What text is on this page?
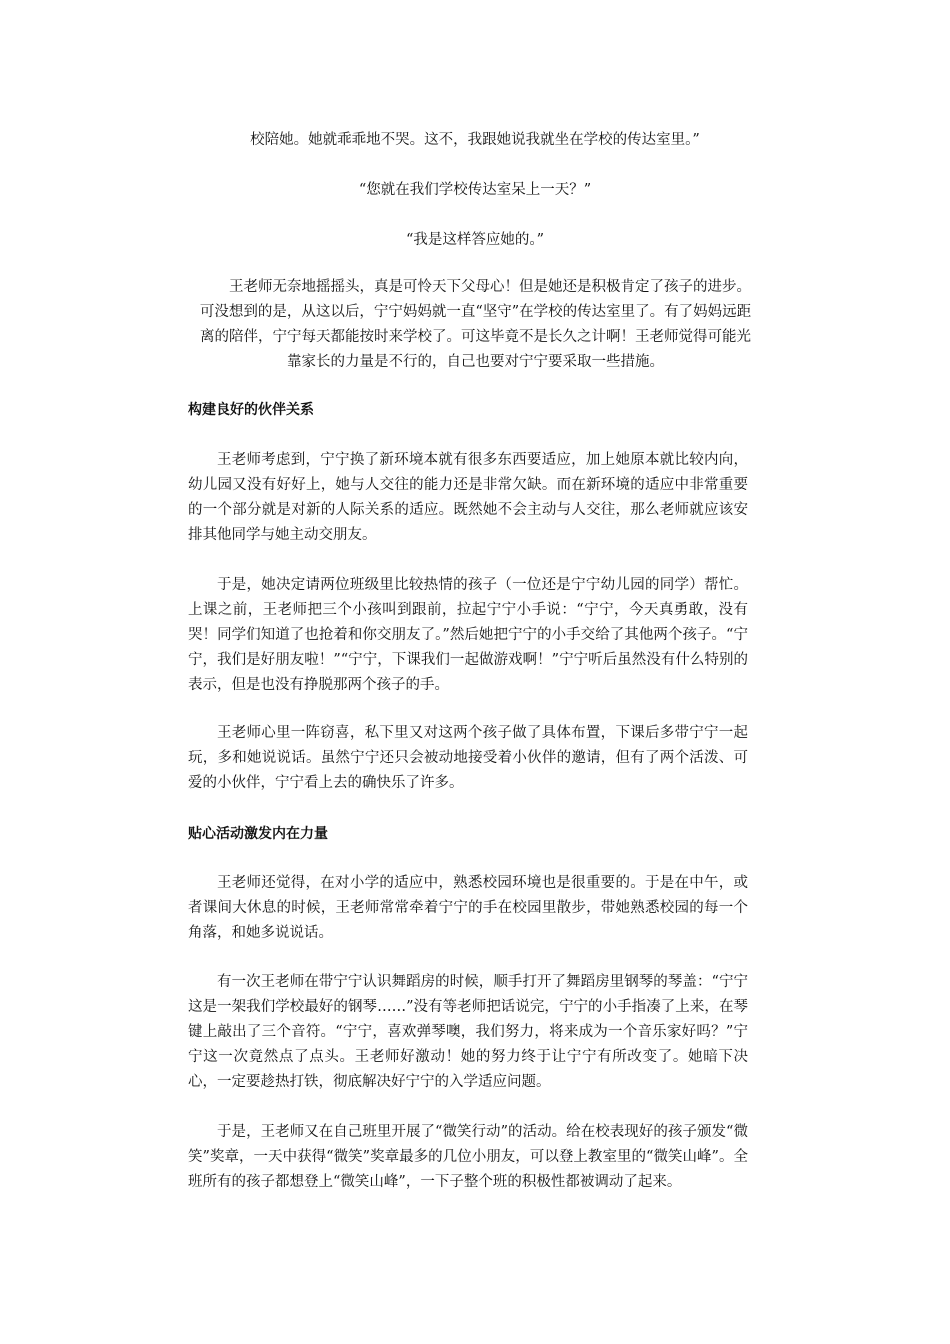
校陪她。她就乖乖地不哭。这不，我跟她说我就坐在学校的传达室里。”

“您就在我们学校传达室呆上一天？”

“我是这样答应她的。”

王老师无奈地摇摇头，真是可怜天下父母心！但是她还是积极肯定了孩子的进步。可没想到的是，从这以后，宁宁妈妈就一直“坚守”在学校的传达室里了。有了妈妈远距离的陪伴，宁宁每天都能按时来学校了。可这毕竟不是长久之计啊！王老师觉得可能光靠家长的力量是不行的，自己也要对宁宁要采取一些措施。

构建良好的伙伴关系

王老师考虑到，宁宁换了新环境本就有很多东西要适应，加上她原本就比较内向，幼儿园又没有好好上，她与人交往的能力还是非常欠缺。而在新环境的适应中非常重要的一个部分就是对新的人际关系的适应。既然她不会主动与人交往，那么老师就应该安排其他同学与她主动交朋友。

于是，她决定请两位班级里比较热情的孩子（一位还是宁宁幼儿园的同学）帮忙。上课之前，王老师把三个小孩叫到跟前，拉起宁宁小手说：“宁宁，今天真勇敢，没有哭！同学们知道了也抢着和你交朋友了。”然后她把宁宁的小手交给了其他两个孩子。“宁宁，我们是好朋友啦！”“宁宁，下课我们一起做游戏啊！”宁宁听后虽然没有什么特别的表示，但是也没有挣脱那两个孩子的手。

王老师心里一阵窃喜，私下里又对这两个孩子做了具体布置，下课后多带宁宁一起玩，多和她说说话。虽然宁宁还只会被动地接受着小伙伴的邀请，但有了两个活泼、可爱的小伙伴，宁宁看上去的确快乐了许多。

贴心活动激发内在力量

王老师还觉得，在对小学的适应中，熟悉校园环境也是很重要的。于是在中午，或者课间大休息的时候，王老师常常牵着宁宁的手在校园里散步，带她熟悉校园的每一个角落，和她多说说话。

有一次王老师在带宁宁认识舞蹈房的时候，顺手打开了舞蹈房里钢琴的琴盖：“宁宁这是一架我们学校最好的钢琴……”没有等老师把话说完，宁宁的小手指凑了上来，在琴键上敲出了三个音符。“宁宁，喜欢弹琴噢，我们努力，将来成为一个音乐家好吗？”宁宁这一次竟然点了点头。王老师好激动！她的努力终于让宁宁有所改变了。她暗下决心，一定要趁热打铁，彻底解决好宁宁的入学适应问题。

于是，王老师又在自己班里开展了“微笑行动”的活动。给在校表现好的孩子颁发“微笑”奖章，一天中获得“微笑”奖章最多的几位小朋友，可以登上教室里的“微笑山峰”。全班所有的孩子都想登上“微笑山峰”，一下子整个班的积极性都被调动了起来。
